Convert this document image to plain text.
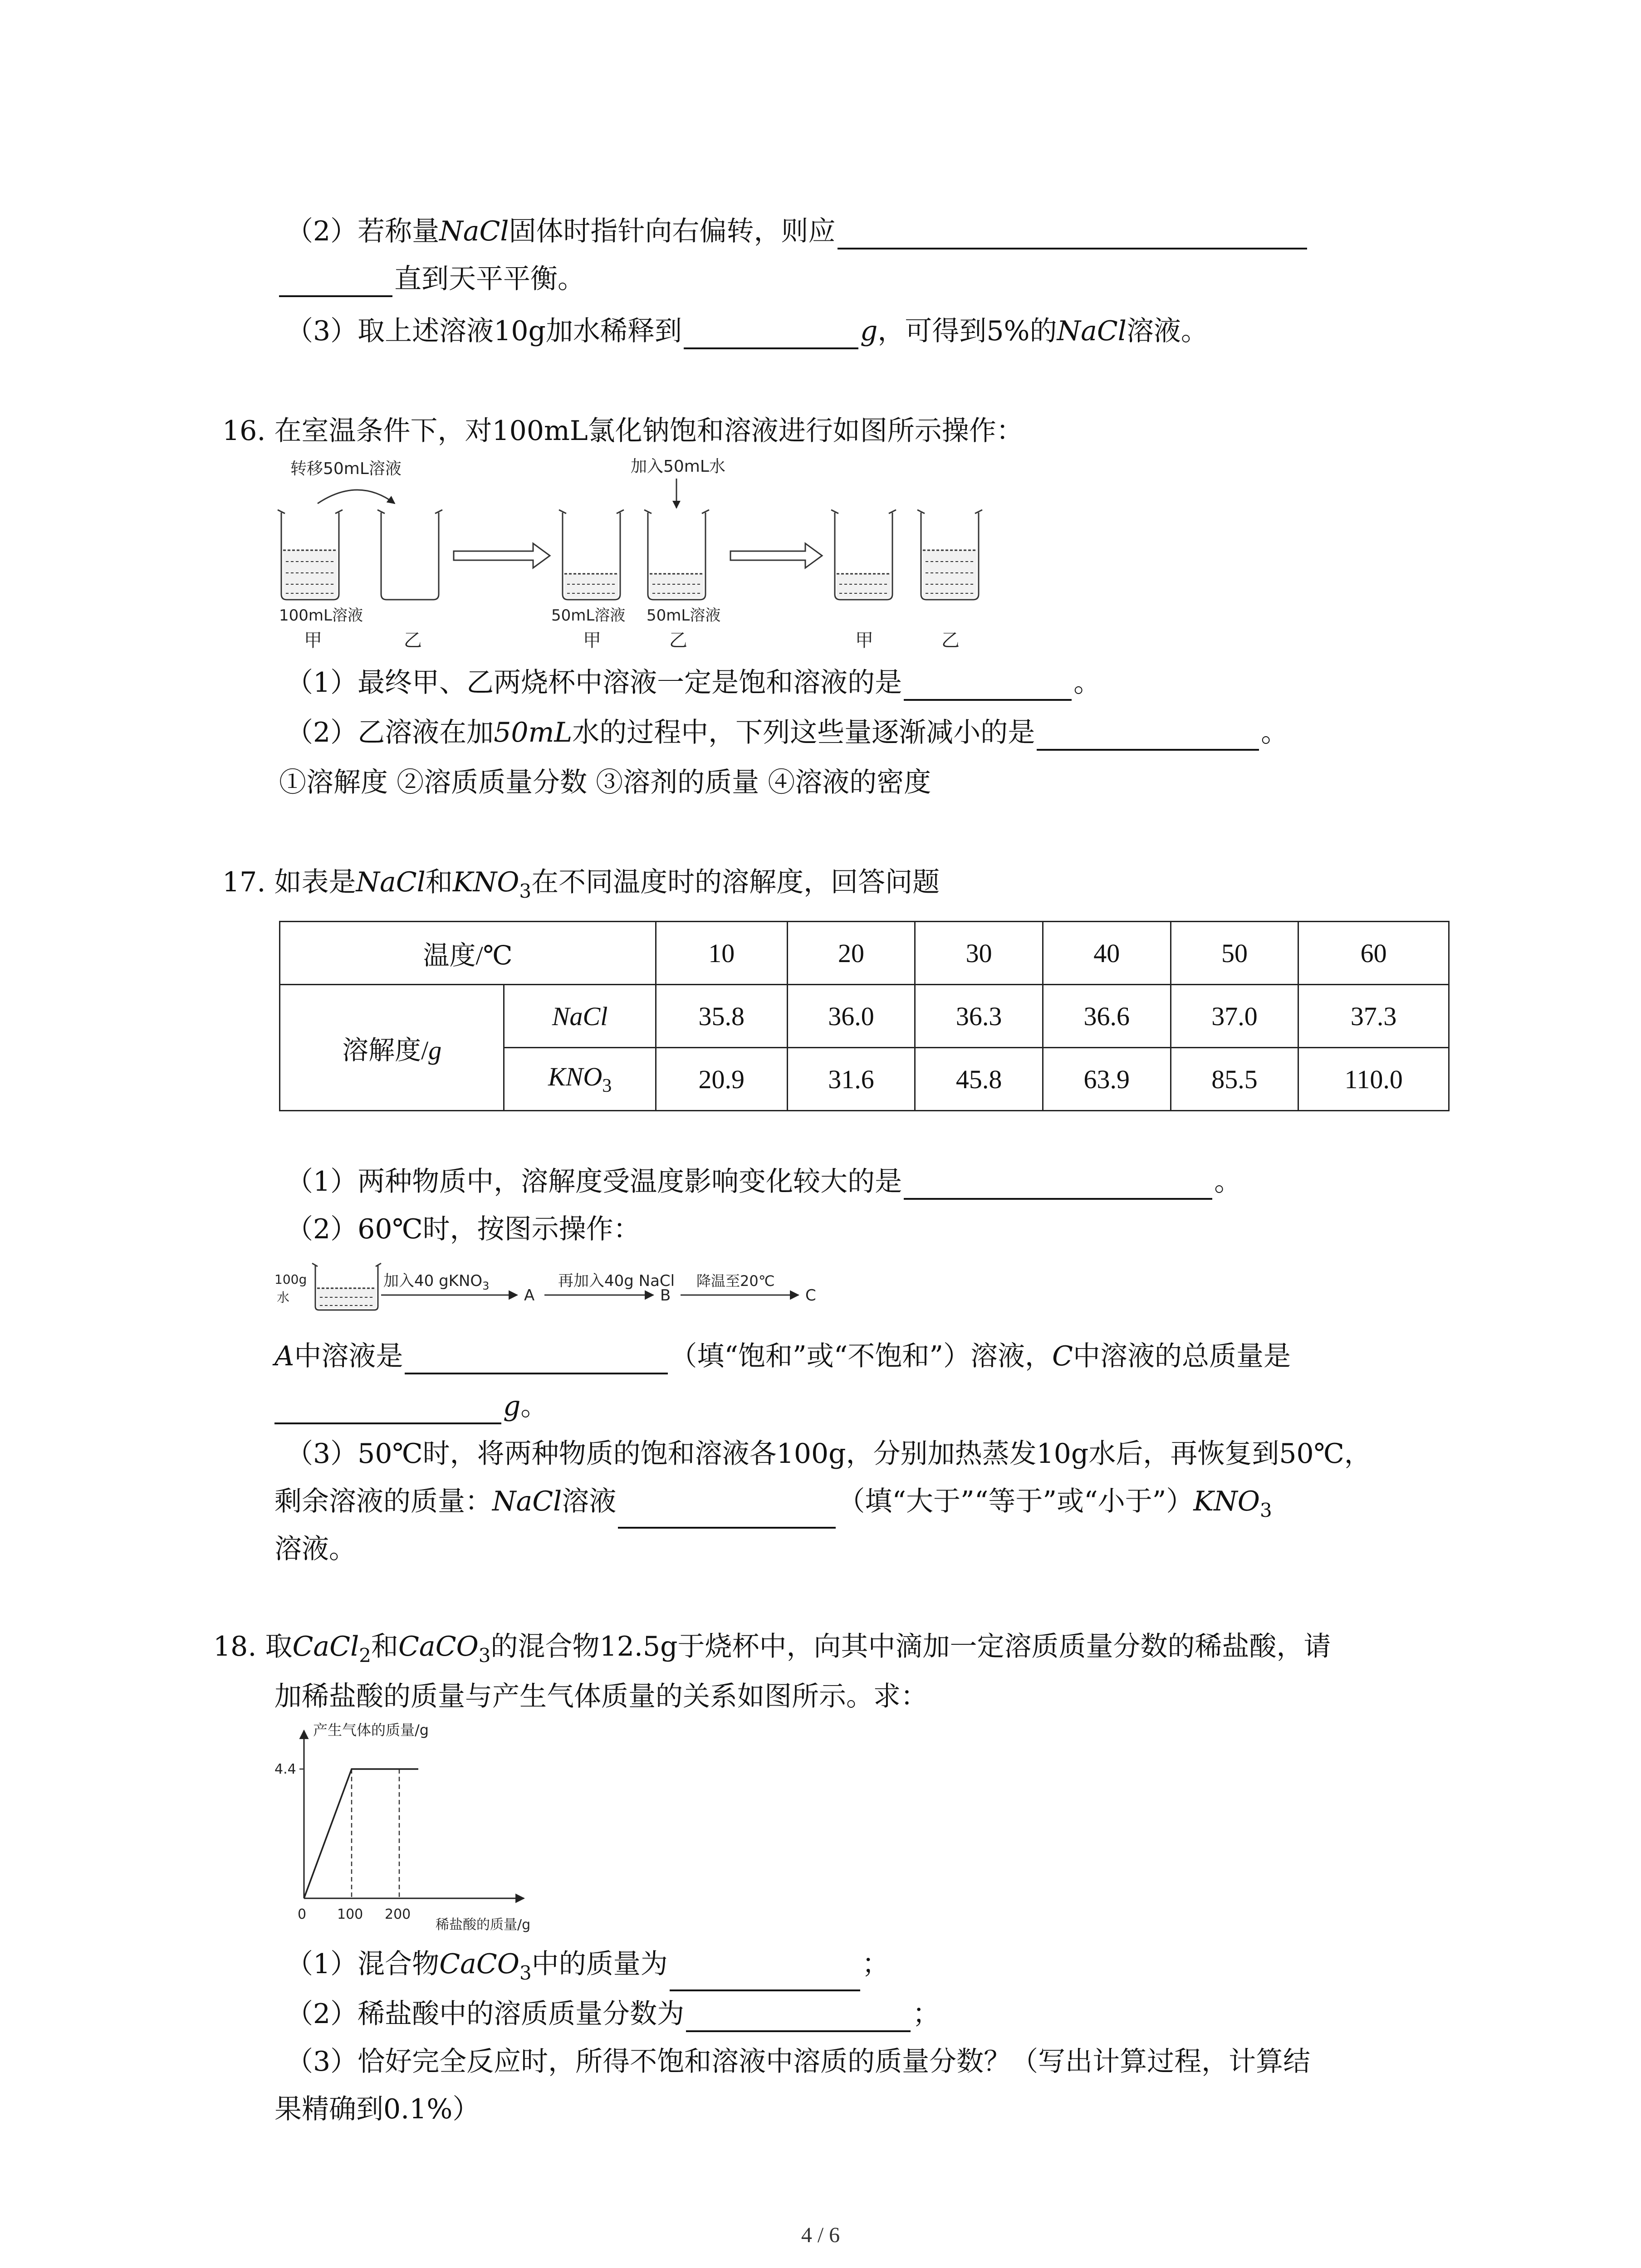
（2）若称量NaCl固体时指针向右偏转，则应
直到天平平衡。
（3）取上述溶液10g加水稀释到	g，可得到5%的NaCl溶液。
16. 在室温条件下，对100mL氯化钠饱和溶液进行如图所示操作：
转移50mL溶液	加入50mL水
100mL溶液	50mL溶液 50mL溶液
甲	乙	甲	乙	甲	乙
（1）最终甲、乙两烧杯中溶液一定是饱和溶液的是	。
（2）乙溶液在加50mL水的过程中，下列这些量逐渐减小的是	。
①溶解度 ②溶质质量分数 ③溶剂的质量 ④溶液的密度
17. 如表是NaCl和$KNO_3$在不同温度时的溶解度，回答问题
温度/℃		10	20	30	40	50	60
溶解度/g	NaCl	35.8	36.0	36.3	36.6	37.0	37.3
	$KNO_3$	20.9	31.6	45.8	63.9	85.5	110.0
（1）两种物质中，溶解度受温度影响变化较大的是	。
（2）60℃时，按图示操作：
100g
水
加入40 gKNO$_3$
A
再加入40g NaCl
B
降温至20℃
C
A中溶液是	（填“饱和”或“不饱和”）溶液，C中溶液的总质量是
g。
（3）50℃时，将两种物质的饱和溶液各100g，分别加热蒸发10g水后，再恢复到50℃，
剩余溶液的质量：NaCl溶液	（填“大于”“等于”或“小于$”)KNO_3$
溶液。
18. 取CaCl$_2$和CaCO$_3$的混合物12.5g于烧杯中，向其中滴加一定溶质质量分数的稀盐酸，请
加稀盐酸的质量与产生气体质量的关系如图所示。求：
产生气体的质量/g
稀盐酸的质量/g
4.4
0 100 200
（1）混合物CaCO$_3$中的质量为	；
（2）稀盐酸中的溶质质量分数为	；
（3）恰好完全反应时，所得不饱和溶液中溶质的质量分数？（写出计算过程，计算结
果精确到0.1%）
4 / 6
